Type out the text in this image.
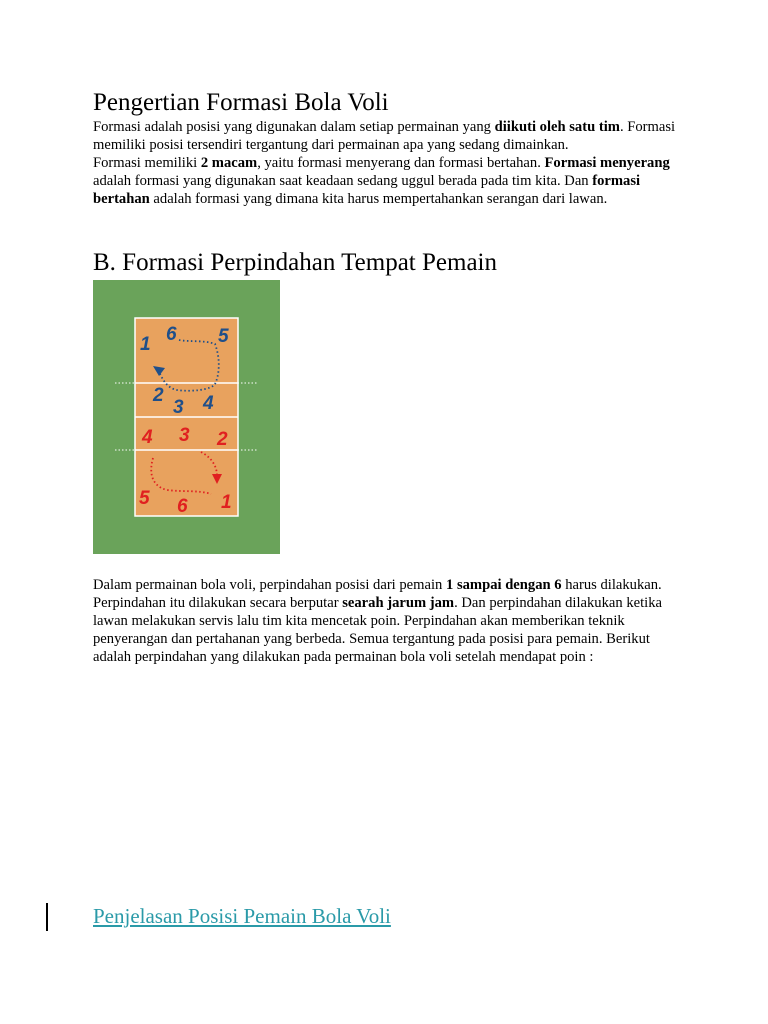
Pengertian Formasi Bola Voli

Formasi adalah posisi yang digunakan dalam setiap permainan yang diikuti oleh satu tim. Formasi memiliki posisi tersendiri tergantung dari permainan apa yang sedang dimainkan.

Formasi memiliki 2 macam, yaitu formasi menyerang dan formasi bertahan. Formasi menyerang adalah formasi yang digunakan saat keadaan sedang uggul berada pada tim kita. Dan formasi bertahan adalah formasi yang dimana kita harus mempertahankan serangan dari lawan.

B. Formasi Perpindahan Tempat Pemain
1 6 5
2
3 4
4 3 2
5 6 1

Dalam permainan bola voli, perpindahan posisi dari pemain 1 sampai dengan 6 harus dilakukan. Perpindahan itu dilakukan secara berputar searah jarum jam. Dan perpindahan dilakukan ketika lawan melakukan servis lalu tim kita mencetak poin. Perpindahan akan memberikan teknik penyerangan dan pertahanan yang berbeda. Semua tergantung pada posisi para pemain. Berikut adalah perpindahan yang dilakukan pada permainan bola voli setelah mendapat poin :

Penjelasan Posisi Pemain Bola Voli
